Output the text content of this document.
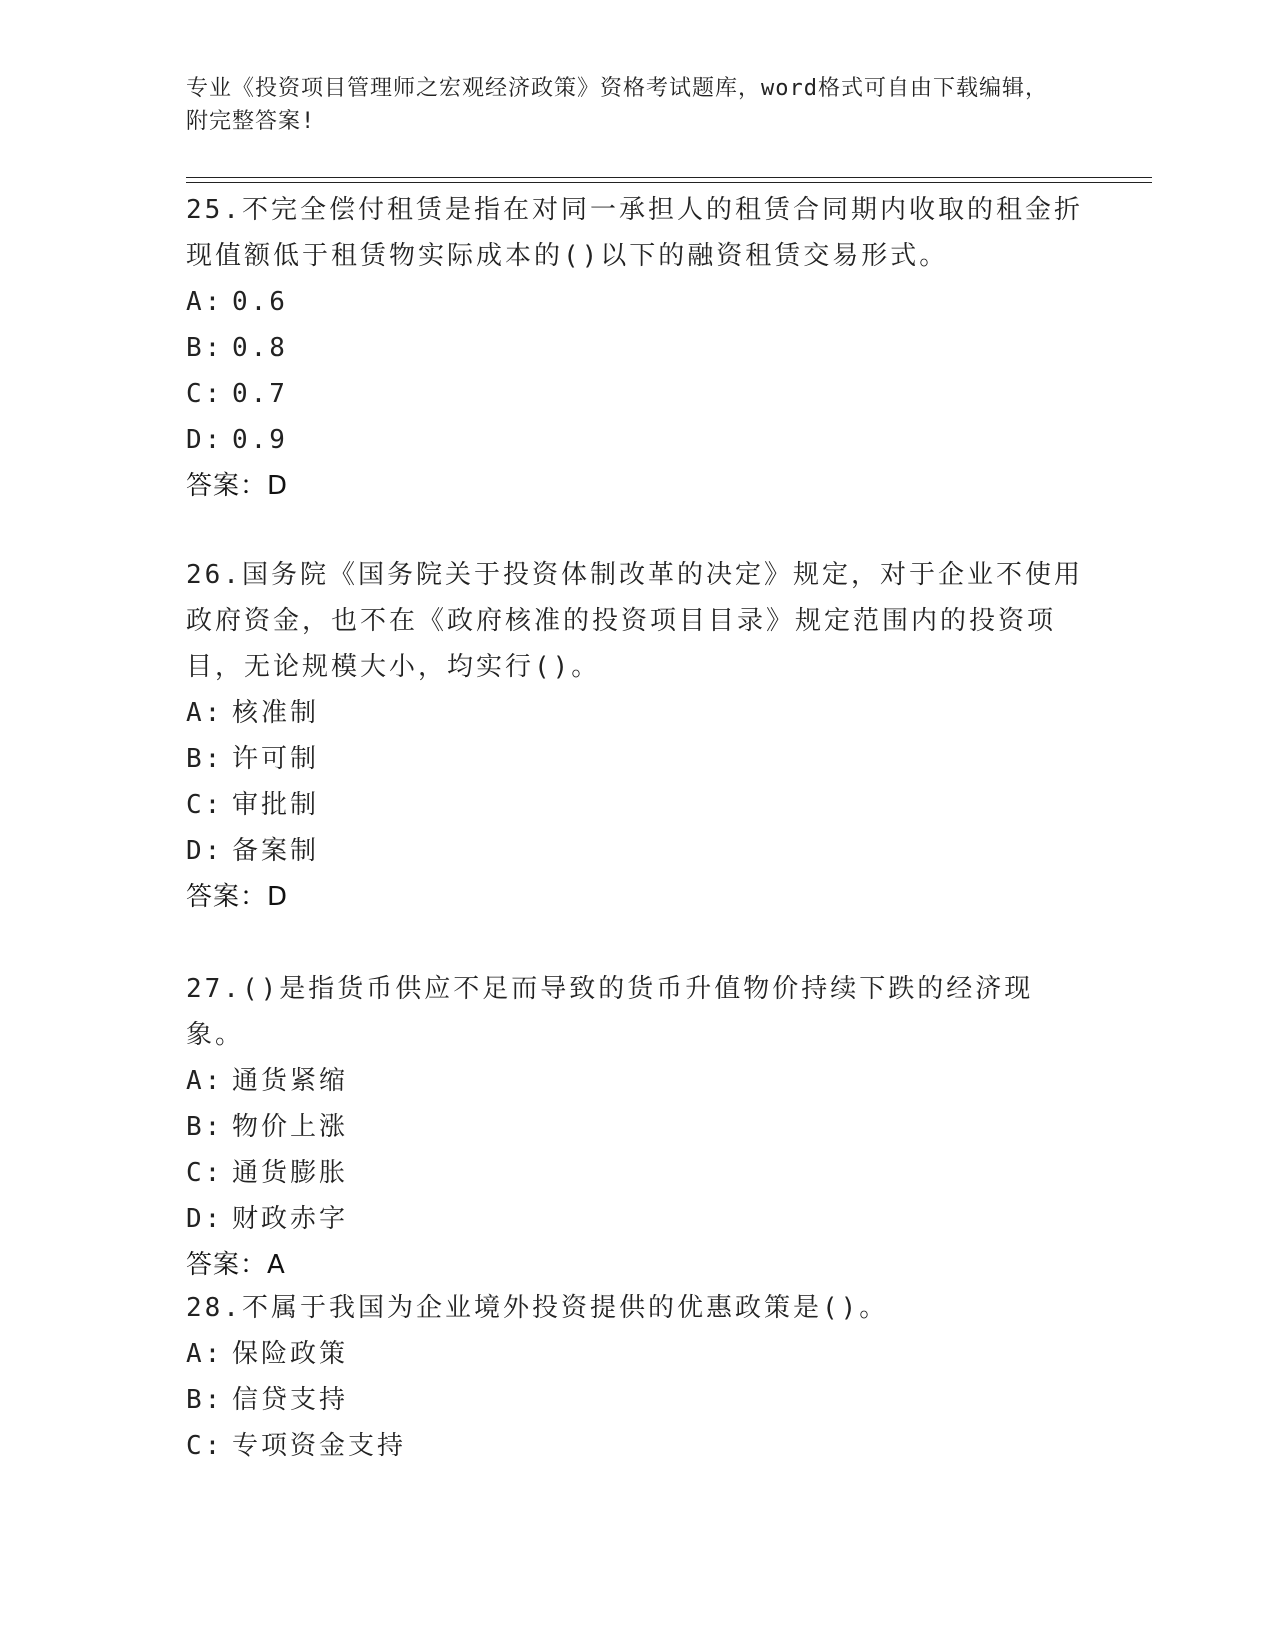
专业《投资项目管理师之宏观经济政策》资格考试题库，word格式可自由下载编辑，附完整答案!

25.不完全偿付租赁是指在对同一承担人的租赁合同期内收取的租金折现值额低于租赁物实际成本的()以下的融资租赁交易形式。

A: 0.6
B: 0.8
C: 0.7
D: 0.9
答案：D

26.国务院《国务院关于投资体制改革的决定》规定，对于企业不使用政府资金，也不在《政府核准的投资项目目录》规定范围内的投资项目，无论规模大小，均实行()。

A: 核准制
B: 许可制
C: 审批制
D: 备案制
答案：D

27.()是指货币供应不足而导致的货币升值物价持续下跌的经济现象。

A: 通货紧缩
B: 物价上涨
C: 通货膨胀
D: 财政赤字
答案：A

28.不属于我国为企业境外投资提供的优惠政策是()。

A: 保险政策
B: 信贷支持
C: 专项资金支持
